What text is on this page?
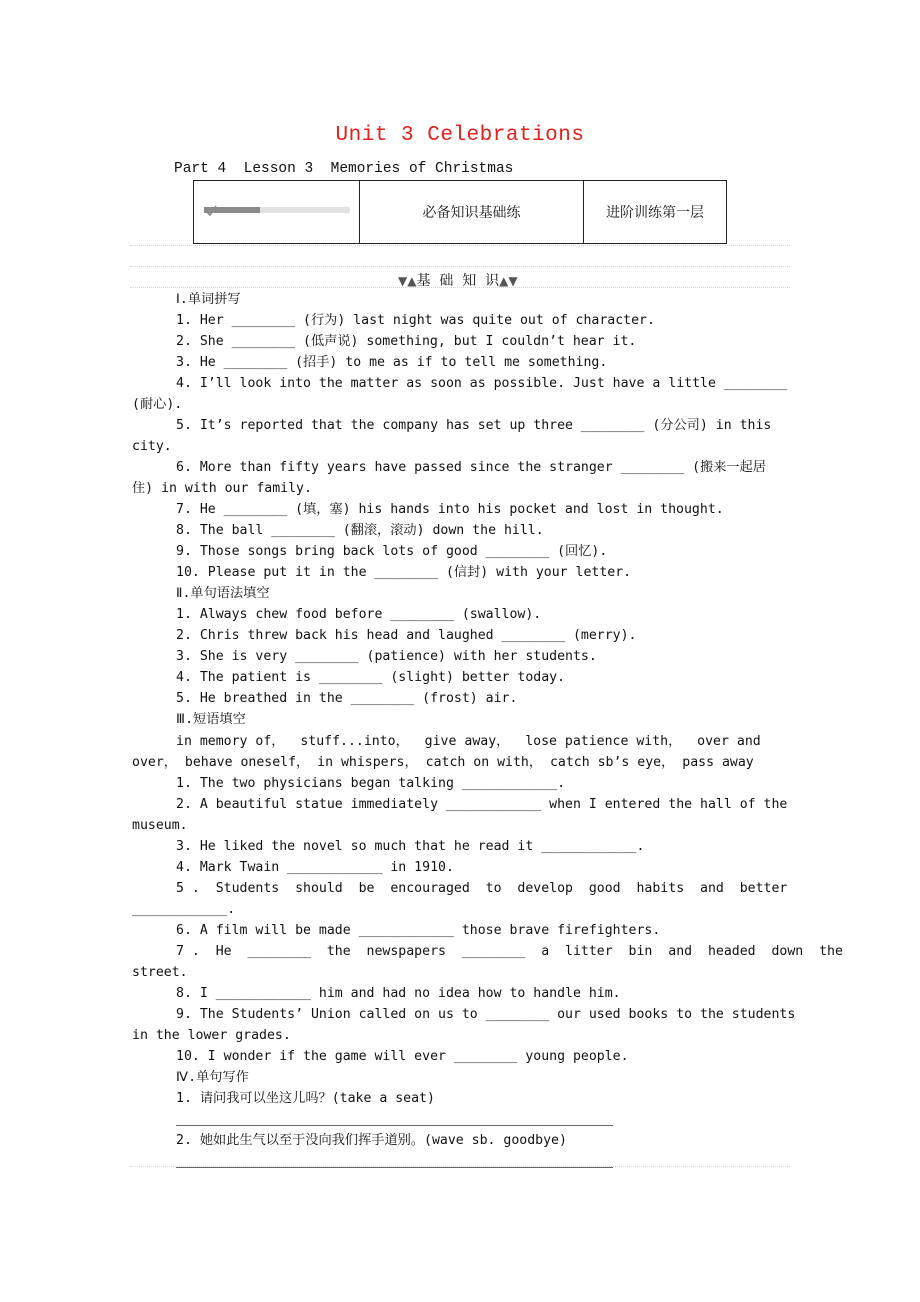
Unit 3 Celebrations
Part 4  Lesson 3  Memories of Christmas
	必备知识基础练	进阶训练第一层
▼▲基  础  知  识▲▼
Ⅰ.单词拼写
1. Her ________ (行为) last night was quite out of character.
2. She ________ (低声说) something, but I couldn’t hear it.
3. He ________ (招手) to me as if to tell me something.
4. I’ll look into the matter as soon as possible. Just have a little ________
(耐心).
5. It’s reported that the company has set up three ________ (分公司) in this
city.
6. More than fifty years have passed since the stranger ________ (搬来一起居
住) in with our family.
7. He ________ (填，塞) his hands into his pocket and lost in thought.
8. The ball ________ (翻滚，滚动) down the hill.
9. Those songs bring back lots of good ________ (回忆).
10. Please put it in the ________ (信封) with your letter.
Ⅱ.单句语法填空
1. Always chew food before ________ (swallow).
2. Chris threw back his head and laughed ________ (merry).
3. She is very ________ (patience) with her students.
4. The patient is ________ (slight) better today.
5. He breathed in the ________ (frost) air.
Ⅲ.短语填空
in memory of，  stuff...into，  give away，  lose patience with，  over and
over， behave oneself， in whispers， catch on with， catch sb’s eye， pass away
1. The two physicians began talking ____________.
2. A beautiful statue immediately ____________ when I entered the hall of the
museum.
3. He liked the novel so much that he read it ____________.
4. Mark Twain ____________ in 1910.
5 .  Students  should  be  encouraged  to  develop  good  habits  and  better
____________.
6. A film will be made ____________ those brave firefighters.
7 .  He  ________  the  newspapers  ________  a  litter  bin  and  headed  down  the
street.
8. I ____________ him and had no idea how to handle him.
9. The Students’ Union called on us to ________ our used books to the students
in the lower grades.
10. I wonder if the game will ever ________ young people.
Ⅳ.单句写作
1. 请问我可以坐这儿吗？(take a seat)
2. 她如此生气以至于没向我们挥手道别。(wave sb. goodbye)
